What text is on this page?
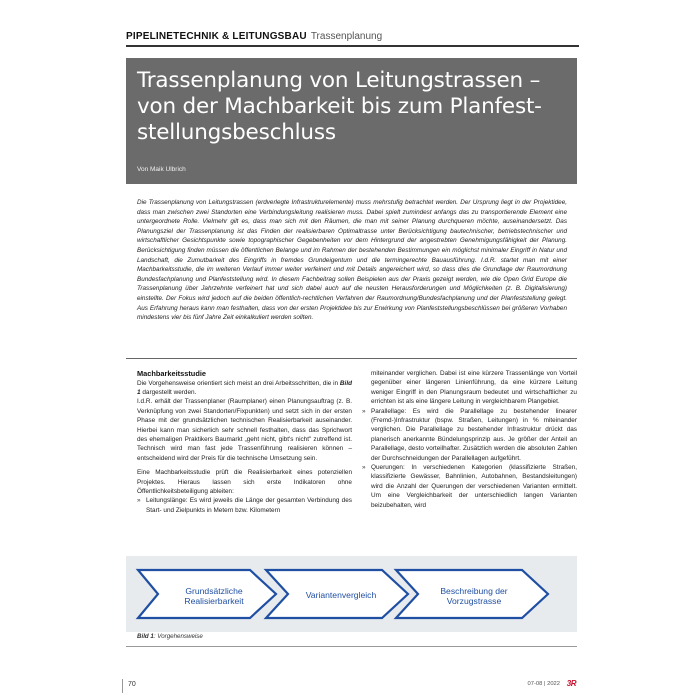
PIPELINETECHNIK & LEITUNGSBAU Trassenplanung
Trassenplanung von Leitungstrassen –
von der Machbarkeit bis zum Planfest-
stellungsbeschluss
Von Maik Ulbrich
Die Trassenplanung von Leitungstrassen (erdverlegte Infrastrukturelemente) muss mehrstufig betrachtet werden. Der Ursprung liegt in der Projektidee, dass man zwischen zwei Standorten eine Verbindungsleitung realisieren muss. Dabei spielt zumindest anfangs das zu transportierende Element eine untergeordnete Rolle. Vielmehr gilt es, dass man sich mit den Räumen, die man mit seiner Planung durchqueren möchte, auseinandersetzt. Das Planungsziel der Trassenplanung ist das Finden der realisierbaren Optimaltrasse unter Berücksichtigung bautechnischer, betriebstechnischer und wirtschaftlicher Gesichtspunkte sowie topographischer Gegebenheiten vor dem Hintergrund der angestrebten Genehmigungsfähigkeit der Planung. Berücksichtigung finden müssen die öffentlichen Belange und im Rahmen der bestehenden Bestimmungen ein möglichst minimaler Eingriff in Natur und Landschaft, die Zumutbarkeit des Eingriffs in fremdes Grundeigentum und die termingerechte Bauausführung. I.d.R. startet man mit einer Machbarkeitsstudie, die im weiteren Verlauf immer weiter verfeinert und mit Details angereichert wird, so dass dies die Grundlage der Raumordnung Bundesfachplanung und Planfeststellung wird. In diesem Fachbeitrag sollen Beispielen aus der Praxis gezeigt werden, wie die Open Grid Europe die Trassenplanung über Jahrzehnte verfeinert hat und sich dabei auch auf die neusten Herausforderungen und Möglichkeiten (z. B. Digitalisierung) einstellte. Der Fokus wird jedoch auf die beiden öffentlich-rechtlichen Verfahren der Raumordnung/Bundesfachplanung und der Planfeststellung gelegt. Aus Erfahrung heraus kann man festhalten, dass von der ersten Projektidee bis zur Erwirkung von Planfeststellungsbeschlüssen bei größeren Vorhaben mindestens vier bis fünf Jahre Zeit einkalkuliert werden sollten.
Machbarkeitsstudie

Die Vorgehensweise orientiert sich meist an drei Arbeitsschritten, die in Bild 1 dargestellt werden.

I.d.R. erhält der Trassenplaner (Raumplaner) einen Planungsauftrag (z. B. Verknüpfung von zwei Standorten/Fixpunkten) und setzt sich in der ersten Phase mit der grundsätzlichen technischen Realisierbarkeit auseinander. Hierbei kann man sicherlich sehr schnell festhalten, dass das Sprichwort des ehemaligen Praktikers Baumarkt „geht nicht, gibt's nicht" zutreffend ist. Technisch wird man fast jede Trassenführung realisieren können – entscheidend wird der Preis für die technische Umsetzung sein.

Eine Machbarkeitsstudie prüft die Realisierbarkeit eines potenziellen Projektes. Hieraus lassen sich erste Indikatoren ohne Öffentlichkeitsbeteiligung ableiten:

» Leitungslänge: Es wird jeweils die Länge der gesamten Verbindung des Start- und Zielpunkts in Metern bzw. Kilometern

miteinander verglichen. Dabei ist eine kürzere Trassenlänge von Vorteil gegenüber einer längeren Linienführung, da eine kürzere Leitung weniger Eingriff in den Planungsraum bedeutet und wirtschaftlicher zu errichten ist als eine längere Leitung in vergleichbarem Plangebiet.

» Parallellage: Es wird die Parallellage zu bestehender linearer (Fremd-)Infrastruktur (bspw. Straßen, Leitungen) in % miteinander verglichen. Die Parallellage zu bestehender Infrastruktur drückt das planerisch anerkannte Bündelungsprinzip aus. Je größer der Anteil an Parallellage, desto vorteilhafter. Zusätzlich werden die absoluten Zahlen der Durchschneidungen der Parallellagen aufgeführt.

» Querungen: In verschiedenen Kategorien (klassifizierte Straßen, klassifizierte Gewässer, Bahnlinien, Autobahnen, Bestandsleitungen) wird die Anzahl der Querungen der verschiedenen Varianten ermittelt. Um eine Vergleichbarkeit der unterschiedlich langen Varianten beizubehalten, wird

Grundsätzliche
Realisierbarkeit
Variantenvergleich	Beschreibung der
Vorzugstrasse
Bild 1: Vorgehensweise
70	07-08 | 2022 3R
